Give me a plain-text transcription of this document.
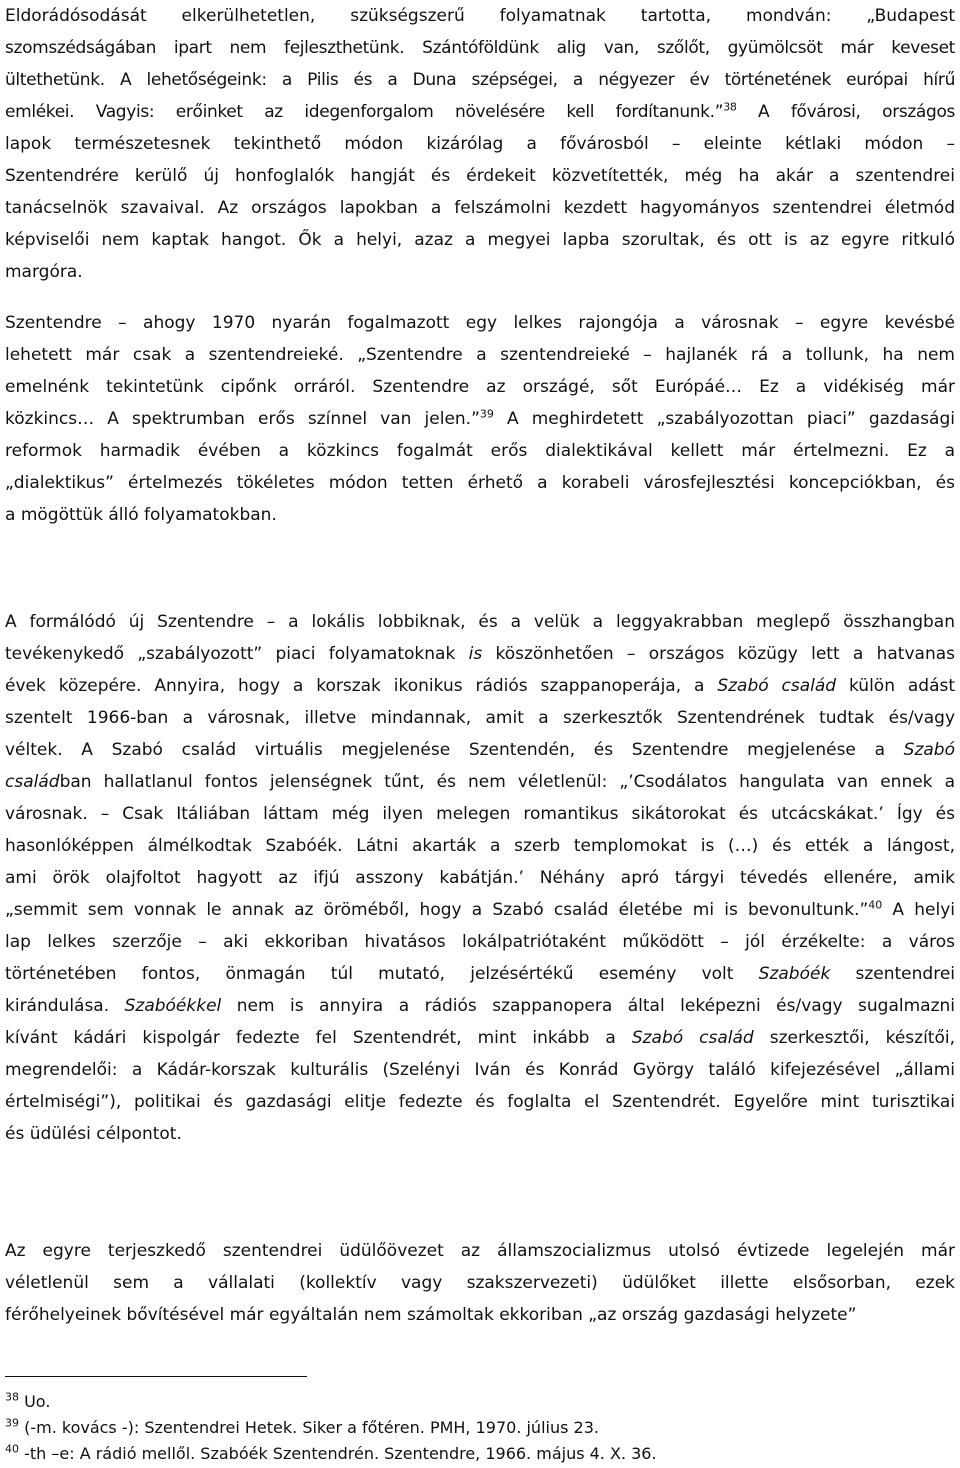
Eldorádósodását elkerülhetetlen, szükségszerű folyamatnak tartotta, mondván: „Budapest
szomszédságában ipart nem fejleszthetünk. Szántóföldünk alig van, szőlőt, gyümölcsöt már keveset
ültethetünk. A lehetőségeink: a Pilis és a Duna szépségei, a négyezer év történetének európai hírű
emlékei. Vagyis: erőinket az idegenforgalom növelésére kell fordítanunk.”$^{38}$ A fővárosi, országos
lapok természetesnek tekinthető módon kizárólag a fővárosból – eleinte kétlaki módon –
Szentendrére kerülő új honfoglalók hangját és érdekeit közvetítették, még ha akár a szentendrei
tanácselnök szavaival. Az országos lapokban a felszámolni kezdett hagyományos szentendrei életmód
képviselői nem kaptak hangot. Ők a helyi, azaz a megyei lapba szorultak, és ott is az egyre ritkuló
margóra.
Szentendre – ahogy 1970 nyarán fogalmazott egy lelkes rajongója a városnak – egyre kevésbé
lehetett már csak a szentendreieké. „Szentendre a szentendreieké – hajlanék rá a tollunk, ha nem
emelnénk tekintetünk cipőnk orráról. Szentendre az országé, sőt Európáé… Ez a vidékiség már
közkincs… A spektrumban erős színnel van jelen.”$^{39}$ A meghirdetett „szabályozottan piaci” gazdasági
reformok harmadik évében a közkincs fogalmát erős dialektikával kellett már értelmezni. Ez a
„dialektikus” értelmezés tökéletes módon tetten érhető a korabeli városfejlesztési koncepciókban, és
a mögöttük álló folyamatokban.
A formálódó új Szentendre – a lokális lobbiknak, és a velük a leggyakrabban meglepő összhangban
tevékenykedő „szabályozott” piaci folyamatoknak is köszönhetően – országos közügy lett a hatvanas
évek közepére. Annyira, hogy a korszak ikonikus rádiós szappanoperája, a Szabó család külön adást
szentelt 1966-ban a városnak, illetve mindannak, amit a szerkesztők Szentendrének tudtak és/vagy
véltek. A Szabó család virtuális megjelenése Szentendén, és Szentendre megjelenése a Szabó
családban hallatlanul fontos jelenségnek tűnt, és nem véletlenül: „’Csodálatos hangulata van ennek a
városnak. – Csak Itáliában láttam még ilyen melegen romantikus sikátorokat és utcácskákat.’ Így és
hasonlóképpen álmélkodtak Szabóék. Látni akarták a szerb templomokat is (…) és ették a lángost,
ami örök olajfoltot hagyott az ifjú asszony kabátján.’ Néhány apró tárgyi tévedés ellenére, amik
„semmit sem vonnak le annak az öröméből, hogy a Szabó család életébe mi is bevonultunk.”$^{40}$ A helyi
lap lelkes szerzője – aki ekkoriban hivatásos lokálpatriótaként működött – jól érzékelte: a város
történetében fontos, önmagán túl mutató, jelzésértékű esemény volt Szabóék szentendrei
kirándulása. Szabóékkel nem is annyira a rádiós szappanopera által leképezni és/vagy sugalmazni
kívánt kádári kispolgár fedezte fel Szentendrét, mint inkább a Szabó család szerkesztői, készítői,
megrendelői: a Kádár-korszak kulturális (Szelényi Iván és Konrád György találó kifejezésével „állami
értelmiségi”), politikai és gazdasági elitje fedezte és foglalta el Szentendrét. Egyelőre mint turisztikai
és üdülési célpontot.
Az egyre terjeszkedő szentendrei üdülőövezet az államszocializmus utolsó évtizede legelején már
véletlenül sem a vállalati (kollektív vagy szakszervezeti) üdülőket illette elsősorban, ezek
férőhelyeinek bővítésével már egyáltalán nem számoltak ekkoriban „az ország gazdasági helyzete”
$^{38}$ Uo.
$^{39}$ (-m. kovács -): Szentendrei Hetek. Siker a főtéren. PMH, 1970. július 23.
$^{40}$ -th –e: A rádió mellől. Szabóék Szentendrén. Szentendre, 1966. május 4. X. 36.
